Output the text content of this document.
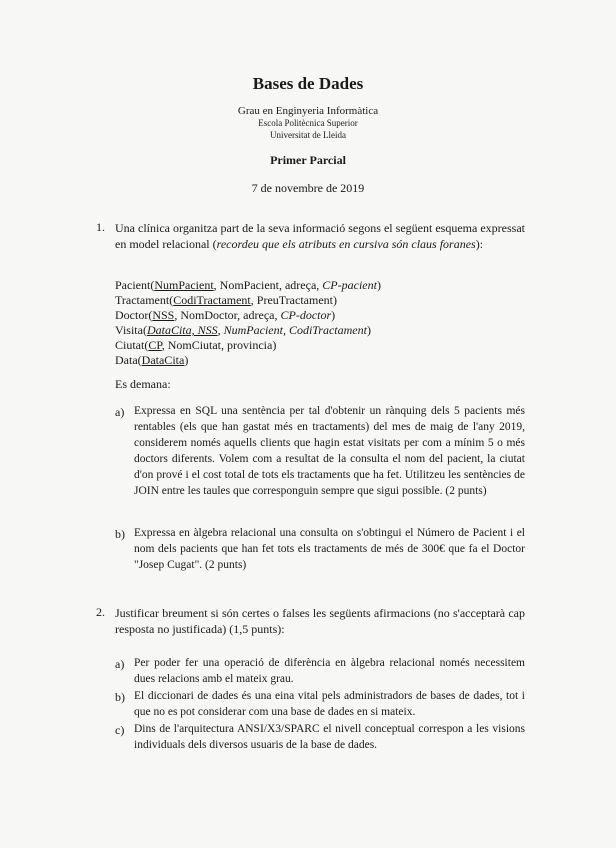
Bases de Dades
Grau en Enginyeria Informàtica
Escola Politècnica Superior
Universitat de Lleida
Primer Parcial
7 de novembre de 2019
1. Una clínica organitza part de la seva informació segons el següent esquema expressat en model relacional (recordeu que els atributs en cursiva són claus foranes):
Pacient(NumPacient, NomPacient, adreça, CP-pacient)
Tractament(CodiTractament, PreuTractament)
Doctor(NSS, NomDoctor, adreça, CP-doctor)
Visita(DataCita, NSS, NumPacient, CodiTractament)
Ciutat(CP, NomCiutat, provincia)
Data(DataCita)
Es demana:
a) Expressa en SQL una sentència per tal d'obtenir un rànquing dels 5 pacients més rentables (els que han gastat més en tractaments) del mes de maig de l'any 2019, considerem només aquells clients que hagin estat visitats per com a mínim 5 o més doctors diferents. Volem com a resultat de la consulta el nom del pacient, la ciutat d'on prové i el cost total de tots els tractaments que ha fet. Utilitzeu les sentències de JOIN entre les taules que corresponguin sempre que sigui possible. (2 punts)
b) Expressa en àlgebra relacional una consulta on s'obtingui el Número de Pacient i el nom dels pacients que han fet tots els tractaments de més de 300€ que fa el Doctor "Josep Cugat". (2 punts)
2. Justificar breument si són certes o falses les següents afirmacions (no s'acceptarà cap resposta no justificada) (1,5 punts):
a) Per poder fer una operació de diferència en àlgebra relacional només necessitem dues relacions amb el mateix grau.
b) El diccionari de dades és una eina vital pels administradors de bases de dades, tot i que no es pot considerar com una base de dades en si mateix.
c) Dins de l'arquitectura ANSI/X3/SPARC el nivell conceptual correspon a les visions individuals dels diversos usuaris de la base de dades.
